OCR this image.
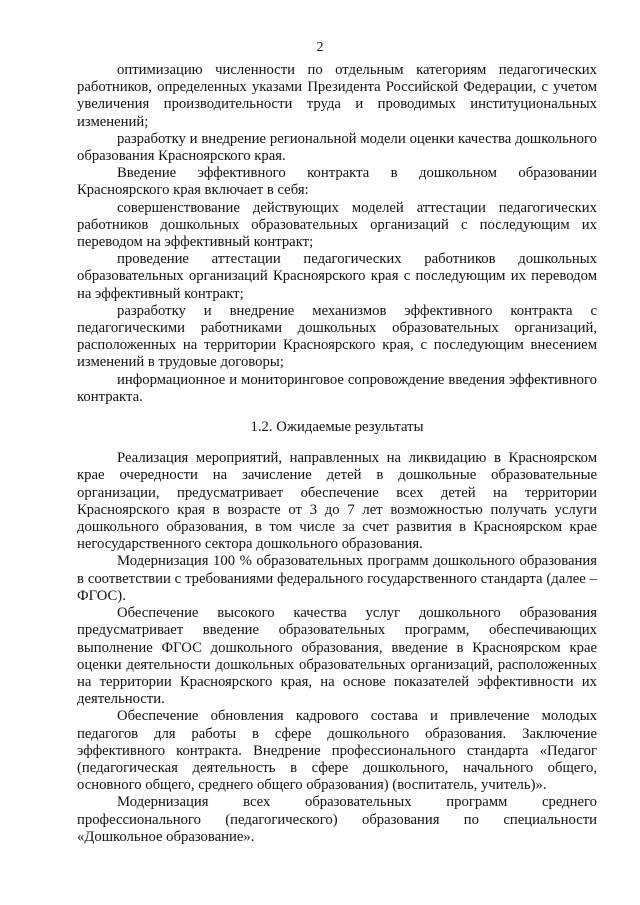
2

оптимизацию численности по отдельным категориям педагогических работников, определенных указами Президента Российской Федерации, с учетом увеличения производительности труда и проводимых институциональных изменений;

разработку и внедрение региональной модели оценки качества дошкольного образования Красноярского края.

Введение эффективного контракта в дошкольном образовании Красноярского края включает в себя:

совершенствование действующих моделей аттестации педагогических работников дошкольных образовательных организаций с последующим их переводом на эффективный контракт;

проведение аттестации педагогических работников дошкольных образовательных организаций Красноярского края с последующим их переводом на эффективный контракт;

разработку и внедрение механизмов эффективного контракта с педагогическими работниками дошкольных образовательных организаций, расположенных на территории Красноярского края, с последующим внесением изменений в трудовые договоры;

информационное и мониторинговое сопровождение введения эффективного контракта.

1.2. Ожидаемые результаты

Реализация мероприятий, направленных на ликвидацию в Красноярском крае очередности на зачисление детей в дошкольные образовательные организации, предусматривает обеспечение всех детей на территории Красноярского края в возрасте от 3 до 7 лет возможностью получать услуги дошкольного образования, в том числе за счет развития в Красноярском крае негосударственного сектора дошкольного образования.

Модернизация 100 % образовательных программ дошкольного образования в соответствии с требованиями федерального государственного стандарта (далее – ФГОС).

Обеспечение высокого качества услуг дошкольного образования предусматривает введение образовательных программ, обеспечивающих выполнение ФГОС дошкольного образования, введение в Красноярском крае оценки деятельности дошкольных образовательных организаций, расположенных на территории Красноярского края, на основе показателей эффективности их деятельности.

Обеспечение обновления кадрового состава и привлечение молодых педагогов для работы в сфере дошкольного образования. Заключение эффективного контракта. Внедрение профессионального стандарта «Педагог (педагогическая деятельность в сфере дошкольного, начального общего, основного общего, среднего общего образования) (воспитатель, учитель)».

Модернизация всех образовательных программ среднего профессионального (педагогического) образования по специальности «Дошкольное образование».
